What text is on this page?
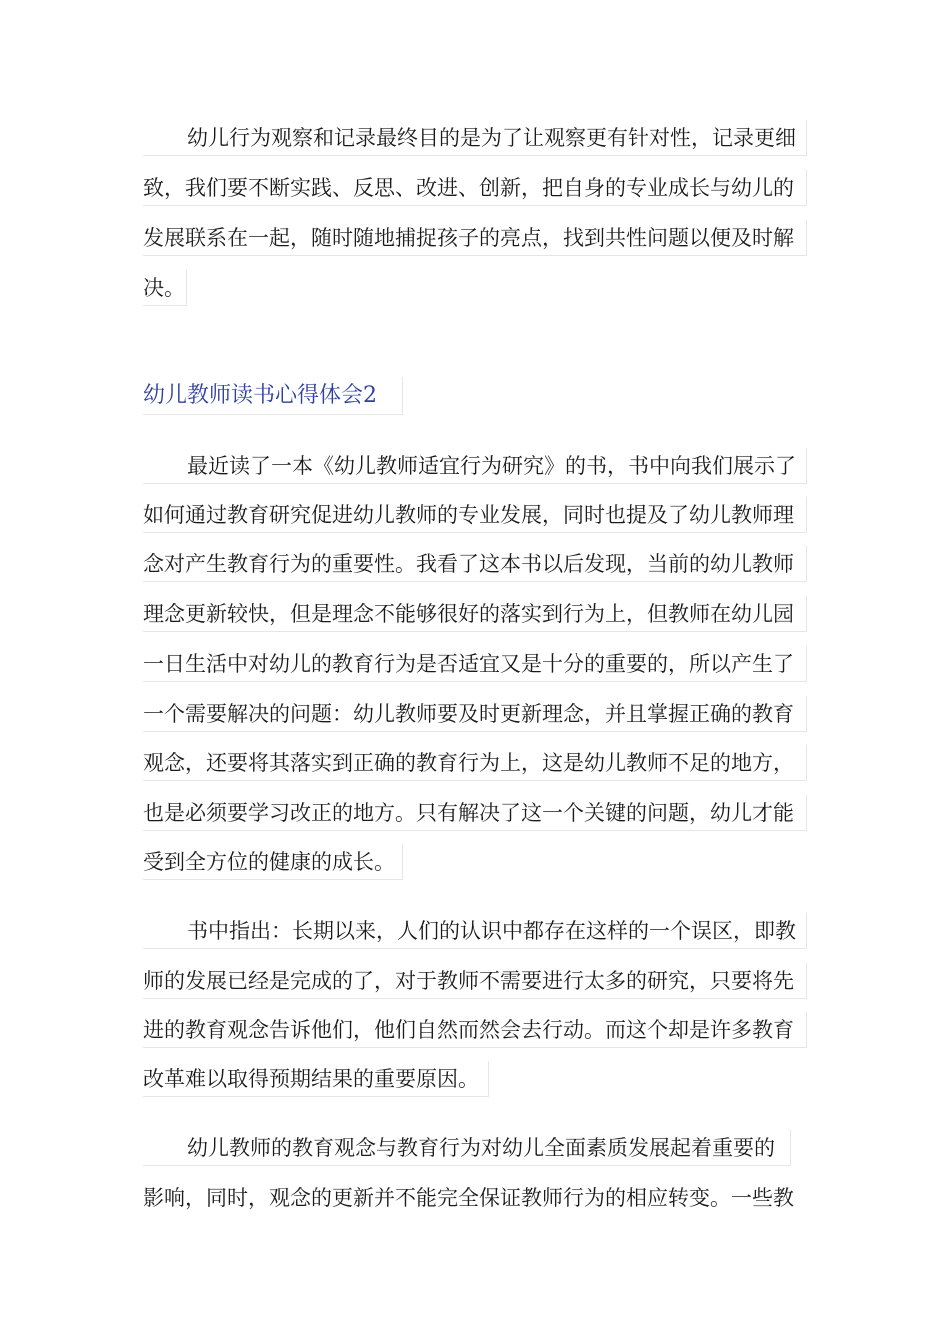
幼儿行为观察和记录最终目的是为了让观察更有针对性，记录更细
致，我们要不断实践、反思、改进、创新，把自身的专业成长与幼儿的
发展联系在一起，随时随地捕捉孩子的亮点，找到共性问题以便及时解
决。
幼儿教师读书心得体会2
最近读了一本《幼儿教师适宜行为研究》的书，书中向我们展示了
如何通过教育研究促进幼儿教师的专业发展，同时也提及了幼儿教师理
念对产生教育行为的重要性。我看了这本书以后发现，当前的幼儿教师
理念更新较快，但是理念不能够很好的落实到行为上，但教师在幼儿园
一日生活中对幼儿的教育行为是否适宜又是十分的重要的，所以产生了
一个需要解决的问题：幼儿教师要及时更新理念，并且掌握正确的教育
观念，还要将其落实到正确的教育行为上，这是幼儿教师不足的地方，
也是必须要学习改正的地方。只有解决了这一个关键的问题，幼儿才能
受到全方位的健康的成长。
书中指出：长期以来，人们的认识中都存在这样的一个误区，即教
师的发展已经是完成的了，对于教师不需要进行太多的研究，只要将先
进的教育观念告诉他们，他们自然而然会去行动。而这个却是许多教育
改革难以取得预期结果的重要原因。
幼儿教师的教育观念与教育行为对幼儿全面素质发展起着重要的
影响，同时，观念的更新并不能完全保证教师行为的相应转变。一些教
